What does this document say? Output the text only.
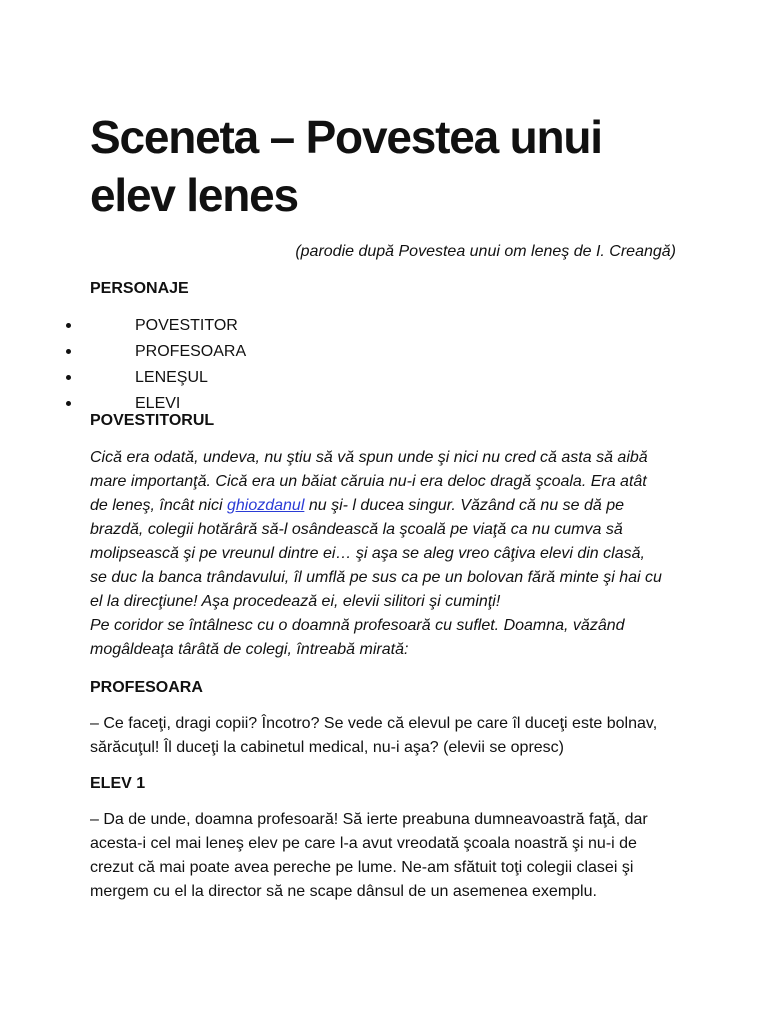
Sceneta – Povestea unui elev lenes

(parodie după Povestea unui om leneş de I. Creangă)

PERSONAJE

POVESTITOR
PROFESOARA
LENEŞUL
ELEVI

POVESTITORUL

Cică era odată, undeva, nu ştiu să vă spun unde şi nici nu cred că asta să aibă
mare importanţă. Cică era un băiat căruia nu-i era deloc dragă şcoala. Era atât
de leneş, încât nici ghiozdanul nu şi- l ducea singur. Văzând că nu se dă pe
brazdă, colegii hotărâră să-l osândească la şcoală pe viaţă ca nu cumva să
molipsească şi pe vreunul dintre ei… şi aşa se aleg vreo câţiva elevi din clasă,
se duc la banca trândavului, îl umflă pe sus ca pe un bolovan fără minte şi hai cu
el la direcţiune! Aşa procedează ei, elevii silitori şi cuminţi!
Pe coridor se întâlnesc cu o doamnă profesoară cu suflet. Doamna, văzând
mogâldeaţa târâtă de colegi, întreabă mirată:

PROFESOARA

– Ce faceţi, dragi copii? Încotro? Se vede că elevul pe care îl duceţi este bolnav,
sărăcuţul! Îl duceţi la cabinetul medical, nu-i aşa? (elevii se opresc)

ELEV 1

– Da de unde, doamna profesoară! Să ierte preabuna dumneavoastră faţă, dar
acesta-i cel mai leneş elev pe care l-a avut vreodată şcoala noastră şi nu-i de
crezut că mai poate avea pereche pe lume. Ne-am sfătuit toţi colegii clasei şi
mergem cu el la director să ne scape dânsul de un asemenea exemplu.
